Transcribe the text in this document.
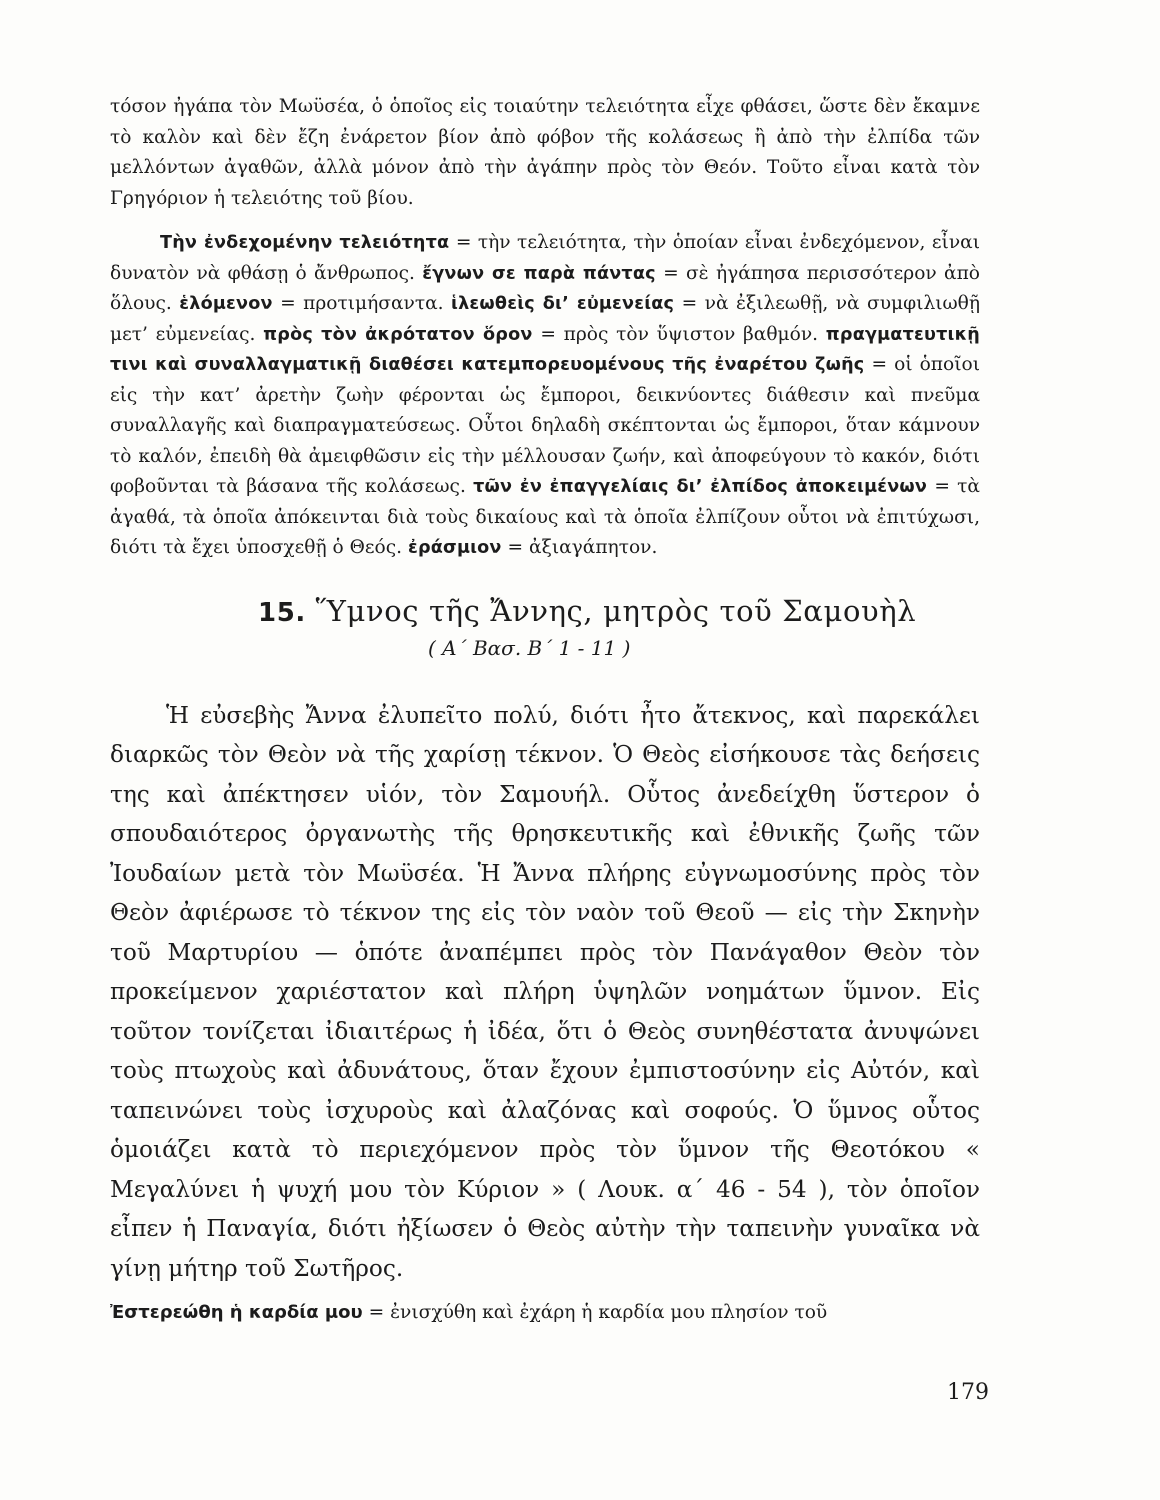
τόσον ἠγάπα τὸν Μωϋσέα, ὁ ὁποῖος εἰς τοιαύτην τελειότητα εἶχε φθάσει, ὥστε δὲν ἔκαμνε τὸ καλὸν καὶ δὲν ἔζη ἐνάρετον βίον ἀπὸ φόβον τῆς κολάσεως ἢ ἀπὸ τὴν ἐλπίδα τῶν μελλόντων ἀγαθῶν, ἀλλὰ μόνον ἀπὸ τὴν ἀγάπην πρὸς τὸν Θεόν. Τοῦτο εἶναι κατὰ τὸν Γρηγόριον ἡ τελειότης τοῦ βίου.

Τὴν ἐνδεχομένην τελειότητα = τὴν τελειότητα, τὴν ὁποίαν εἶναι ἐνδεχόμενον, εἶναι δυνατὸν νὰ φθάσῃ ὁ ἄνθρωπος. ἔγνων σε παρὰ πάντας = σὲ ἠγάπησα περισσότερον ἀπὸ ὅλους. ἑλόμενον = προτιμήσαντα. ἱλεωθεὶς δι’ εὐμενείας = νὰ ἐξιλεωθῇ, νὰ συμφιλιωθῇ μετ’ εὐμενείας. πρὸς τὸν ἀκρότατον ὅρον = πρὸς τὸν ὕψιστον βαθμόν. πραγματευτικῇ τινι καὶ συναλλαγματικῇ διαθέσει κατεμπορευομένους τῆς ἐναρέτου ζωῆς = οἱ ὁποῖοι εἰς τὴν κατ’ ἀρετὴν ζωὴν φέρονται ὡς ἔμποροι, δεικνύοντες διάθεσιν καὶ πνεῦμα συναλλαγῆς καὶ διαπραγματεύσεως. Οὗτοι δηλαδὴ σκέπτονται ὡς ἔμποροι, ὅταν κάμνουν τὸ καλόν, ἐπειδὴ θὰ ἀμειφθῶσιν εἰς τὴν μέλλουσαν ζωήν, καὶ ἀποφεύγουν τὸ κακόν, διότι φοβοῦνται τὰ βάσανα τῆς κολάσεως. τῶν ἐν ἐπαγγελίαις δι’ ἐλπίδος ἀποκειμένων = τὰ ἀγαθά, τὰ ὁποῖα ἀπόκεινται διὰ τοὺς δικαίους καὶ τὰ ὁποῖα ἐλπίζουν οὗτοι νὰ ἐπιτύχωσι, διότι τὰ ἔχει ὑποσχεθῇ ὁ Θεός. ἐράσμιον = ἀξιαγάπητον.

15. Ὕμνος τῆς Ἄννης, μητρὸς τοῦ Σαμουὴλ

( Α΄ Βασ. Β΄ 1 - 11 )

Ἡ εὐσεβὴς Ἄννα ἐλυπεῖτο πολύ, διότι ἦτο ἄτεκνος, καὶ παρεκάλει διαρκῶς τὸν Θεὸν νὰ τῆς χαρίσῃ τέκνον. Ὁ Θεὸς εἰσήκουσε τὰς δεήσεις της καὶ ἀπέκτησεν υἱόν, τὸν Σαμουήλ. Οὗτος ἀνεδείχθη ὕστερον ὁ σπουδαιότερος ὀργανωτὴς τῆς θρησκευτικῆς καὶ ἐθνικῆς ζωῆς τῶν Ἰουδαίων μετὰ τὸν Μωϋσέα. Ἡ Ἄννα πλήρης εὐγνωμοσύνης πρὸς τὸν Θεὸν ἀφιέρωσε τὸ τέκνον της εἰς τὸν ναὸν τοῦ Θεοῦ — εἰς τὴν Σκηνὴν τοῦ Μαρτυρίου — ὁπότε ἀναπέμπει πρὸς τὸν Πανάγαθον Θεὸν τὸν προκείμενον χαριέστατον καὶ πλήρη ὑψηλῶν νοημάτων ὕμνον. Εἰς τοῦτον τονίζεται ἰδιαιτέρως ἡ ἰδέα, ὅτι ὁ Θεὸς συνηθέστατα ἀνυψώνει τοὺς πτωχοὺς καὶ ἀδυνάτους, ὅταν ἔχουν ἐμπιστοσύνην εἰς Αὐτόν, καὶ ταπεινώνει τοὺς ἰσχυροὺς καὶ ἀλαζόνας καὶ σοφούς. Ὁ ὕμνος οὗτος ὁμοιάζει κατὰ τὸ περιεχόμενον πρὸς τὸν ὕμνον τῆς Θεοτόκου « Μεγαλύνει ἡ ψυχή μου τὸν Κύριον » ( Λουκ. α΄ 46 - 54 ), τὸν ὁποῖον εἶπεν ἡ Παναγία, διότι ἠξίωσεν ὁ Θεὸς αὐτὴν τὴν ταπεινὴν γυναῖκα νὰ γίνῃ μήτηρ τοῦ Σωτῆρος.

Ἐστερεώθη ἡ καρδία μου = ἐνισχύθη καὶ ἐχάρη ἡ καρδία μου πλησίον τοῦ

179
